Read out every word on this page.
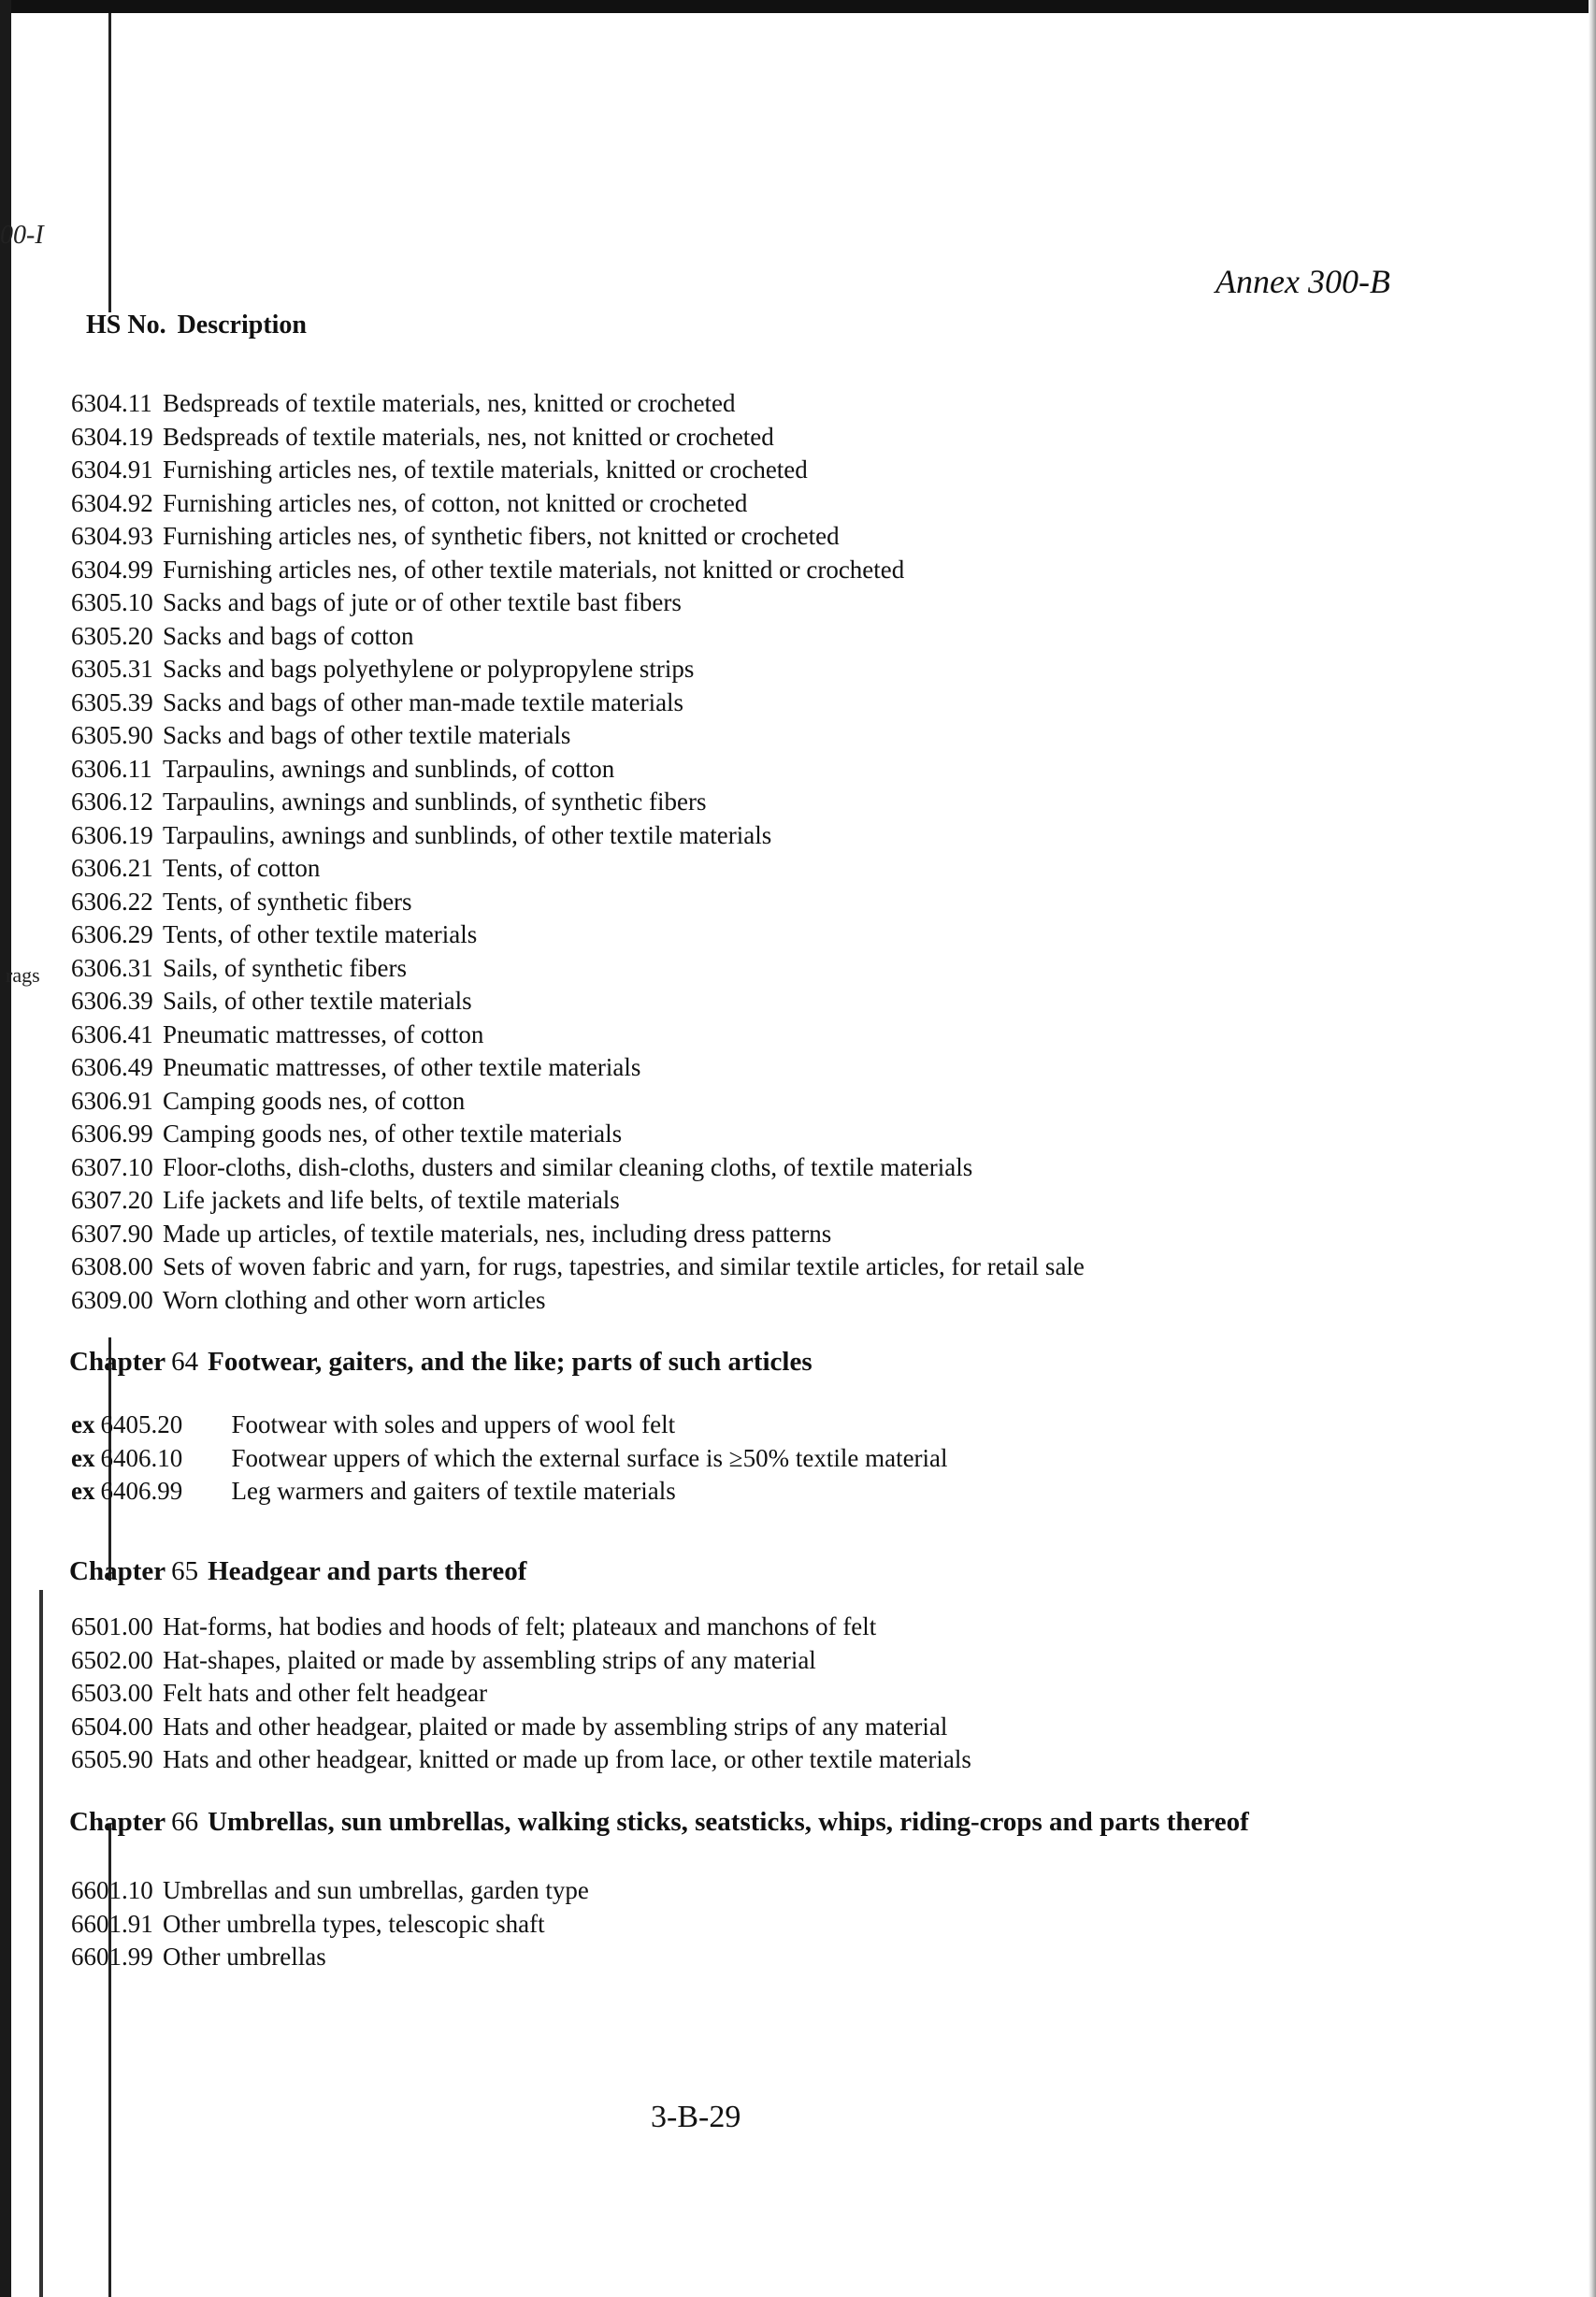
00-I
rags
Annex 300-B
HS No. Description
6304.11 Bedspreads of textile materials, nes, knitted or crocheted
6304.19 Bedspreads of textile materials, nes, not knitted or crocheted
6304.91 Furnishing articles nes, of textile materials, knitted or crocheted
6304.92 Furnishing articles nes, of cotton, not knitted or crocheted
6304.93 Furnishing articles nes, of synthetic fibers, not knitted or crocheted
6304.99 Furnishing articles nes, of other textile materials, not knitted or crocheted
6305.10 Sacks and bags of jute or of other textile bast fibers
6305.20 Sacks and bags of cotton
6305.31 Sacks and bags polyethylene or polypropylene strips
6305.39 Sacks and bags of other man-made textile materials
6305.90 Sacks and bags of other textile materials
6306.11 Tarpaulins, awnings and sunblinds, of cotton
6306.12 Tarpaulins, awnings and sunblinds, of synthetic fibers
6306.19 Tarpaulins, awnings and sunblinds, of other textile materials
6306.21 Tents, of cotton
6306.22 Tents, of synthetic fibers
6306.29 Tents, of other textile materials
6306.31 Sails, of synthetic fibers
6306.39 Sails, of other textile materials
6306.41 Pneumatic mattresses, of cotton
6306.49 Pneumatic mattresses, of other textile materials
6306.91 Camping goods nes, of cotton
6306.99 Camping goods nes, of other textile materials
6307.10 Floor-cloths, dish-cloths, dusters and similar cleaning cloths, of textile materials
6307.20 Life jackets and life belts, of textile materials
6307.90 Made up articles, of textile materials, nes, including dress patterns
6308.00 Sets of woven fabric and yarn, for rugs, tapestries, and similar textile articles, for retail sale
6309.00 Worn clothing and other worn articles
Chapter 64 Footwear, gaiters, and the like; parts of such articles
ex 6405.20 Footwear with soles and uppers of wool felt
ex 6406.10 Footwear uppers of which the external surface is ≥50% textile material
ex 6406.99 Leg warmers and gaiters of textile materials
Chapter 65 Headgear and parts thereof
6501.00 Hat-forms, hat bodies and hoods of felt; plateaux and manchons of felt
6502.00 Hat-shapes, plaited or made by assembling strips of any material
6503.00 Felt hats and other felt headgear
6504.00 Hats and other headgear, plaited or made by assembling strips of any material
6505.90 Hats and other headgear, knitted or made up from lace, or other textile materials
Chapter 66 Umbrellas, sun umbrellas, walking sticks, seatsticks, whips, riding-crops and parts thereof
6601.10 Umbrellas and sun umbrellas, garden type
6601.91 Other umbrella types, telescopic shaft
6601.99 Other umbrellas
3-B-29
